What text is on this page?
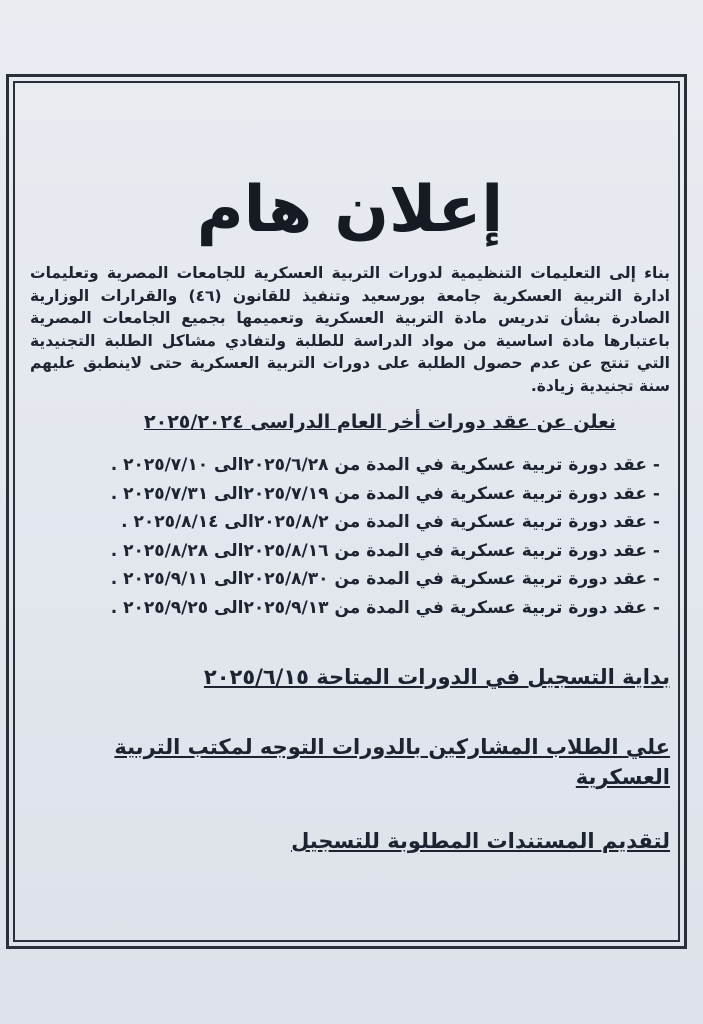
إعلان هام

بناء إلى التعليمات التنظيمية لدورات التربية العسكرية للجامعات المصرية وتعليمات ادارة التربية العسكرية جامعة بورسعيد وتنفيذ للقانون (٤٦) والقرارات الوزارية الصادرة بشأن تدريس مادة التربية العسكرية وتعميمها بجميع الجامعات المصرية باعتبارها مادة اساسية من مواد الدراسة للطلبة ولتفادي مشاكل الطلبة التجنيدية التي تنتج عن عدم حصول الطلبة على دورات التربية العسكرية حتى لاينطبق عليهم سنة تجنيدية زيادة.

نعلن عن عقد دورات أخر العام الدراسى ٢٠٢٥/٢٠٢٤

- عقد دورة تربية عسكرية في المدة من ٢٠٢٥/٦/٢٨الى ٢٠٢٥/٧/١٠ .
- عقد دورة تربية عسكرية في المدة من ٢٠٢٥/٧/١٩الى ٢٠٢٥/٧/٣١ .
- عقد دورة تربية عسكرية في المدة من ٢٠٢٥/٨/٢الى ٢٠٢٥/٨/١٤ .
- عقد دورة تربية عسكرية في المدة من ٢٠٢٥/٨/١٦الى ٢٠٢٥/٨/٢٨ .
- عقد دورة تربية عسكرية في المدة من ٢٠٢٥/٨/٣٠الى ٢٠٢٥/٩/١١ .
- عقد دورة تربية عسكرية في المدة من ٢٠٢٥/٩/١٣الى ٢٠٢٥/٩/٢٥ .

بداية التسجيل في الدورات المتاحة ٢٠٢٥/٦/١٥

علي الطلاب المشاركين بالدورات التوجه لمكتب التربية العسكرية

لتقديم المستندات المطلوبة للتسجيل
